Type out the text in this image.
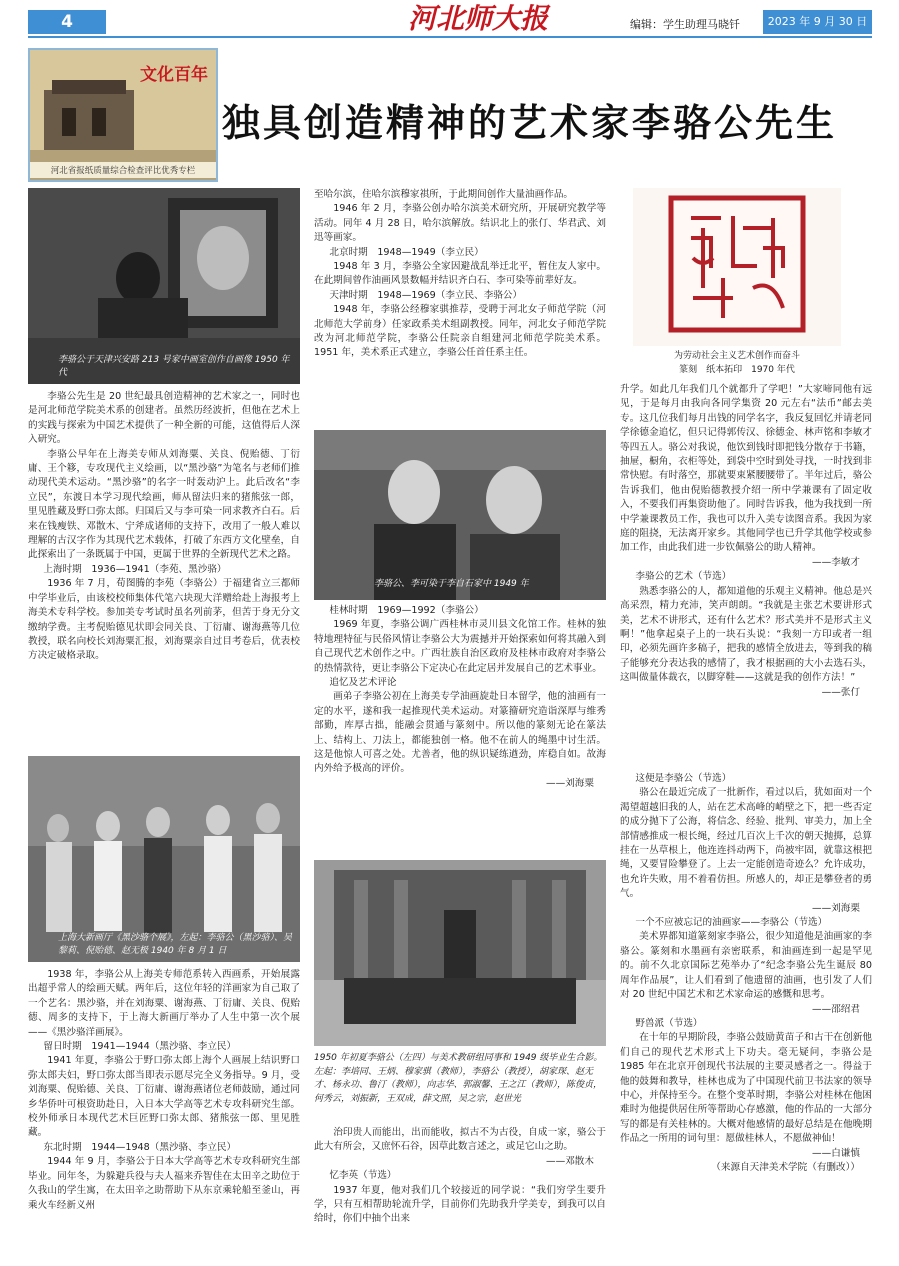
4	河北师大报	编辑：学生助理马晓钎	2023 年 9 月 30 日
文化百年
河北省报纸质量综合检查评比优秀专栏
独具创造精神的艺术家李骆公先生
李骆公于天津兴安路 213 号家中画室创作自画像 1950 年代

李骆公先生是 20 世纪最具创造精神的艺术家之一，同时也是河北师范学院美术系的创建者。虽然历经波折，但他在艺术上的实践与探索为中国艺术提供了一种全新的可能，这值得后人深入研究。

李骆公早年在上海美专师从刘海粟、关良、倪贻德、丁衍庸、王个簃，专攻现代主义绘画，以“黑沙骆”为笔名与老师们推动现代美术运动。“黑沙骆”的名字一时轰动沪上。此后改名“李立民”，东渡日本学习现代绘画，师从留法归来的猪熊弦一郎，里见胜藏及野口弥太郎。归国后又与李可染一同求教齐白石。后来在钱瘦铁、邓散木、宁斧成诸师的支持下，改用了一般人难以理解的古汉字作为其现代艺术载体，打破了东西方文化壁垒，自此探索出了一条既属于中国，更属于世界的全新现代艺术之路。

上海时期　1936—1941（李苑、黑沙骆）

1936 年 7 月，荀图腾的李苑（李骆公）于福建省立三都师中学毕业后，由该校校师集体代笔六块现大洋赠给赴上海报考上海美术专科学校。参加美专考试时虽名列前茅，但苦于身无分文缴纳学费。主考倪贻德见状即会同关良、丁衍庸、谢海燕等几位教授，联名向校长刘海粟汇报，刘海粟亲自过目考卷后，优表校方决定破格录取。

上海大新画厅《黑沙骆个展》，左起：李骆公（黑沙骆）、吴黎莉、倪贻德、赵无极 1940 年 8 月 1 日

1938 年，李骆公从上海美专师范系转入西画系，开始展露出超乎常人的绘画天赋。两年后，这位年轻的洋画家为自己取了一个艺名：黑沙骆，并在刘海粟、谢海燕、丁衍庸、关良、倪贻德、周多的支持下，于上海大新画厅举办了人生中第一次个展——《黑沙骆洋画展》。

留日时期　1941—1944（黑沙骆、李立民）

1941 年夏，李骆公于野口弥太郎上海个人画展上结识野口弥太郎夫妇，野口弥太郎当即表示愿尽完全义务指导。9 月，受刘海粟、倪贻德、关良、丁衍庸、谢海燕诸位老师鼓励，通过同乡华侨叶可根资助赴日，入日本大学高等艺术专攻科研究生部。校外师承日本现代艺术巨匠野口弥太郎、猪熊弦一郎、里见胜藏。

东北时期　1944—1948（黑沙骆、李立民）

1944 年 9 月，李骆公于日本大学高等艺术专攻科研究生部毕业。同年冬，为躲避兵役与夫人福来乔智佳在太田辛之助位于久我山的学生寓，在太田辛之助帮助下从东京乘轮船至釜山，再乘火车经新义州

至哈尔滨，住哈尔滨穆家祺所，于此期间创作大量油画作品。

1946 年 2 月，李骆公创办哈尔滨美术研究所，开展研究教学等活动。同年 4 月 28 日，哈尔滨解放。结识北上的张仃、华君武、刘迅等画家。

北京时期　1948—1949（李立民）

1948 年 3 月，李骆公全家因避战乱举迁北平，暂住友人家中。在此期间曾作油画风景数幅并结识齐白石、李可染等前辈好友。

天津时期　1948—1969（李立民、李骆公）

1948 年，李骆公经穆家骐推荐，受聘于河北女子师范学院（河北师范大学前身）任家政系美术组副教授。同年，河北女子师范学院改为河北师范学院，李骆公任院亲自组建河北师范学院美术系。1951 年，美术系正式建立，李骆公任首任系主任。

李骆公、李可染于李自石家中 1949 年

桂林时期　1969—1992（李骆公）

1969 年夏，李骆公调广西桂林市灵川县文化馆工作。桂林的独特地理特征与民俗风情让李骆公大为震撼并开始探索如何将其融入到自己现代艺术创作之中。广西壮族自治区政府及桂林市政府对李骆公的热情款待，更让李骆公下定决心在此定居并发展自己的艺术事业。

追忆及艺术评论

画弟子李骆公初在上海美专学油画旋赴日本留学，他的油画有一定的水平，遂和我一起推现代美术运动。对篆籀研究造诣深厚与维秀部勤，库厚古拙，能融会贯通与篆刻中。所以他的篆刻无论在篆法上、结构上、刀法上，都能独创一格。他不在前人的绳墨中讨生活。这是他惊人可喜之处。尤善者，他的纵识疑练遒劲，库稳自如。故海内外给予极高的评价。

——刘海粟

1950 年初夏李骆公（左四）与美术教研组同事和 1949 级毕业生合影。左起：李培同、王炳、穆家骐（教师），李骆公（教授），胡家琛、赵无才、杨永功、鲁汀（教师），向志华、郭淑馨、王之江（教师），陈俊贞，何秀云，刘振新，王双成，薛文照，吴之宗，赵世光

治印贵人而能出，出而能收，拟古不为古役，自成一家，骆公于此大有所会，又庶怀石谷，因草此数言述之，或足它山之助。

——邓散木

忆李英（节选）

1937 年夏，他对我们几个较接近的同学说：“我们穷学生要升学，只有互相帮助轮流升学，目前你们先助我升学美专，到我可以自给时，你们中抽个出来

为劳动社会主义艺术创作而奋斗
篆刻　纸本拓印　1970 年代

升学。如此几年我们几个就都升了学吧！”大家啼同他有远见，于是每月由我向各同学集资 20 元左右“法币”邮去美专。这几位我们每月出钱的同学名字，我反复回忆并请老同学徐德金追忆，但只记得郭传汉、徐德金、林声铭和李敏才等四五人。骆公对我说，他饮到钱时即把钱分散存于书籍，抽屉，橱角，衣柜等处，到袋中空时到处寻找，一时找到非常快慰。有时落空，那就要束紧腰腰带了。半年过后，骆公告诉我们，他由倪贻德教授介绍一所中学兼课有了固定收入，不要我们再集资助他了。同时告诉我，他为我找到一所中学兼课教员工作，我也可以升入美专读图音系。我因为家庭的阻挠，无法离开家乡。其他同学也已升学其他学校或参加工作，由此我们进一步钦佩骆公的助人精神。

——李敏才

李骆公的艺术（节选）

熟悉李骆公的人，都知道他的乐观主义精神。他总是兴高采烈，精力充沛，笑声朗朗。“我就是主张艺术要讲形式美，艺术不讲形式，还有什么艺术？形式美并不是形式主义啊！”他拿起桌子上的一块石头说：“我刻一方印或者一组印，必须先画许多稿子，把我的感情全放进去，等到我的稿子能够充分表达我的感情了，我才根据画的大小去选石头，这叫做量体裁衣，以脚穿鞋——这就是我的创作方法！”

——张仃

这便是李骆公（节选）

骆公在最近完成了一批新作，看过以后，犹如面对一个渴望超越旧我的人，站在艺术高峰的峭壁之下，把一些否定的成分抛下了公海，将信念、经验、批判、审美力，加上全部情感推成一根长绳，经过几百次上千次的朝天抛掷，总算挂在一丛草根上，他连连抖动两下，尚被牢固，就靠这根把绳，又要冒险攀登了。上去一定能创造奇迹么？允许成功，也允许失败，用不着看仿担。所感人的，却正是攀登者的勇气。

——刘海栗

一个不应被忘记的油画家——李骆公（节选）

美术界都知道篆刻家李骆公，很少知道他是油画家的李骆公。篆刻和水墨画有亲密联系，和油画连到一起是罕见的。前不久北京国际艺苑举办了“纪念李骆公先生诞辰 80 周年作品展”，让人们看到了他遗留的油画，也引发了人们对 20 世纪中国艺术和艺术家命运的感慨和思考。

——邵绍君

野兽派（节选）

在十年的早期阶段，李骆公鼓励黄苗子和古干在创新他们自己的现代艺术形式上下功夫。毫无疑问，李骆公是 1985 年在北京开创现代书法展的主要灵感者之一。得益于他的鼓舞和教导，桂林也成为了中国现代前卫书法家的领导中心，并保持至今。在整个变革时期，李骆公对桂林在他困难时为他提供居住所等帮助心存感激，他的作品的一大部分写的都是有关桂林的。大概对他感情的最好总结是在他晚期作品之一所用的词句里：愿做桂林人，不愿做神仙！

——白谦慎

（来源自天津美术学院（有删改））
